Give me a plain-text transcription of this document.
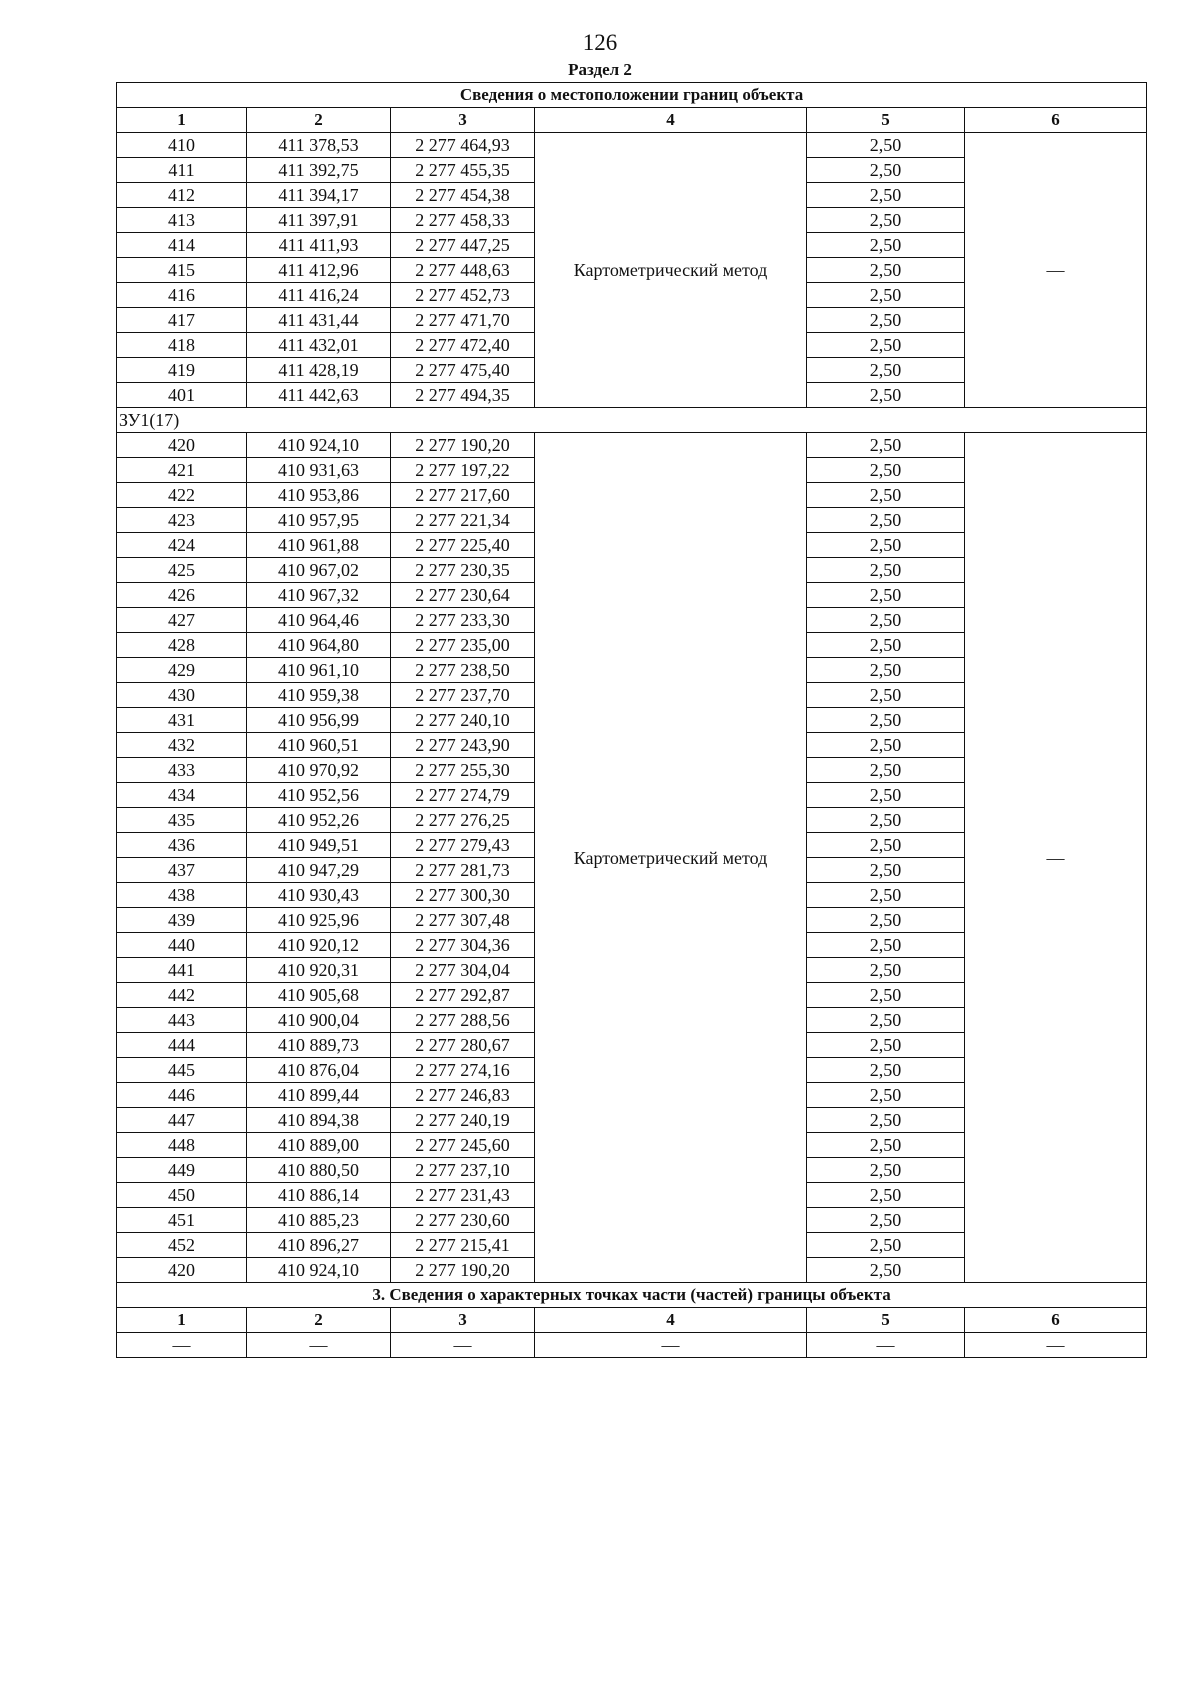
126
Раздел 2
Сведения о местоположении границ объекта					
1	2	3	4	5	6
410	411 378,53	2 277 464,93	Картометрический метод	2,50	—
411	411 392,75	2 277 455,35		2,50	
412	411 394,17	2 277 454,38		2,50	
413	411 397,91	2 277 458,33		2,50	
414	411 411,93	2 277 447,25		2,50	
415	411 412,96	2 277 448,63		2,50	
416	411 416,24	2 277 452,73		2,50	
417	411 431,44	2 277 471,70		2,50	
418	411 432,01	2 277 472,40		2,50	
419	411 428,19	2 277 475,40		2,50	
401	411 442,63	2 277 494,35		2,50	
ЗУ1(17)					
420	410 924,10	2 277 190,20	Картометрический метод	2,50	—
421	410 931,63	2 277 197,22		2,50	
422	410 953,86	2 277 217,60		2,50	
423	410 957,95	2 277 221,34		2,50	
424	410 961,88	2 277 225,40		2,50	
425	410 967,02	2 277 230,35		2,50	
426	410 967,32	2 277 230,64		2,50	
427	410 964,46	2 277 233,30		2,50	
428	410 964,80	2 277 235,00		2,50	
429	410 961,10	2 277 238,50		2,50	
430	410 959,38	2 277 237,70		2,50	
431	410 956,99	2 277 240,10		2,50	
432	410 960,51	2 277 243,90		2,50	
433	410 970,92	2 277 255,30		2,50	
434	410 952,56	2 277 274,79		2,50	
435	410 952,26	2 277 276,25		2,50	
436	410 949,51	2 277 279,43		2,50	
437	410 947,29	2 277 281,73		2,50	
438	410 930,43	2 277 300,30		2,50	
439	410 925,96	2 277 307,48		2,50	
440	410 920,12	2 277 304,36		2,50	
441	410 920,31	2 277 304,04		2,50	
442	410 905,68	2 277 292,87		2,50	
443	410 900,04	2 277 288,56		2,50	
444	410 889,73	2 277 280,67		2,50	
445	410 876,04	2 277 274,16		2,50	
446	410 899,44	2 277 246,83		2,50	
447	410 894,38	2 277 240,19		2,50	
448	410 889,00	2 277 245,60		2,50	
449	410 880,50	2 277 237,10		2,50	
450	410 886,14	2 277 231,43		2,50	
451	410 885,23	2 277 230,60		2,50	
452	410 896,27	2 277 215,41		2,50	
420	410 924,10	2 277 190,20		2,50	
3. Сведения о характерных точках части (частей) границы объекта					
1	2	3	4	5	6
—	—	—	—	—	—
